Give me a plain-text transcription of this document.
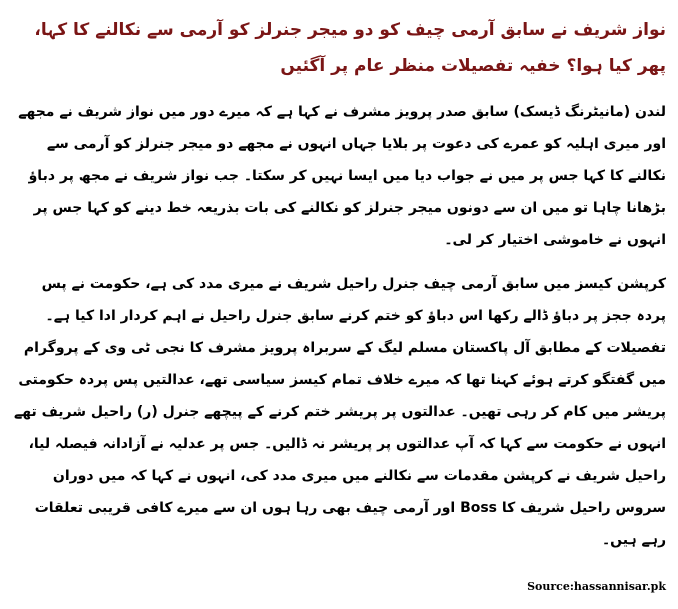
نواز شریف نے سابق آرمی چیف کو دو میجر جنرلز کو آرمی سے نکالنے کا کہا، پھر کیا ہوا؟ خفیہ تفصیلات منظر عام پر آگئیں

لندن (مانیٹرنگ ڈیسک) سابق صدر پرویز مشرف نے کہا ہے کہ میرے دور میں نواز شریف نے مجھے اور میری اہلیہ کو عمرے کی دعوت پر بلایا جہاں انہوں نے مجھے دو میجر جنرلز کو آرمی سے نکالنے کا کہا جس پر میں نے جواب دیا میں ایسا نہیں کر سکتا۔ جب نواز شریف نے مجھ پر دباؤ بڑھانا چاہا تو میں ان سے دونوں میجر جنرلز کو نکالنے کی بات بذریعہ خط دینے کو کہا جس پر انہوں نے خاموشی اختیار کر لی۔

کرپشن کیسز میں سابق آرمی چیف جنرل راحیل شریف نے میری مدد کی ہے، حکومت نے پس پردہ ججز پر دباؤ ڈالے رکھا اس دباؤ کو ختم کرنے سابق جنرل راحیل نے اہم کردار ادا کیا ہے۔ تفصیلات کے مطابق آل پاکستان مسلم لیگ کے سربراہ پرویز مشرف کا نجی ٹی وی کے پروگرام میں گفتگو کرتے ہوئے کہنا تھا کہ میرے خلاف تمام کیسز سیاسی تھے، عدالتیں پس پردہ حکومتی پریشر میں کام کر رہی تھیں۔ عدالتوں پر پریشر ختم کرنے کے پیچھے جنرل (ر) راحیل شریف تھے انہوں نے حکومت سے کہا کہ آپ عدالتوں پر پریشر نہ ڈالیں۔ جس پر عدلیہ نے آزادانہ فیصلہ لیا، راحیل شریف نے کرپشن مقدمات سے نکالنے میں میری مدد کی، انہوں نے کہا کہ میں دوران سروس راحیل شریف کا Boss اور آرمی چیف بھی رہا ہوں ان سے میرے کافی قریبی تعلقات رہے ہیں۔

Source:hassannisar.pk
